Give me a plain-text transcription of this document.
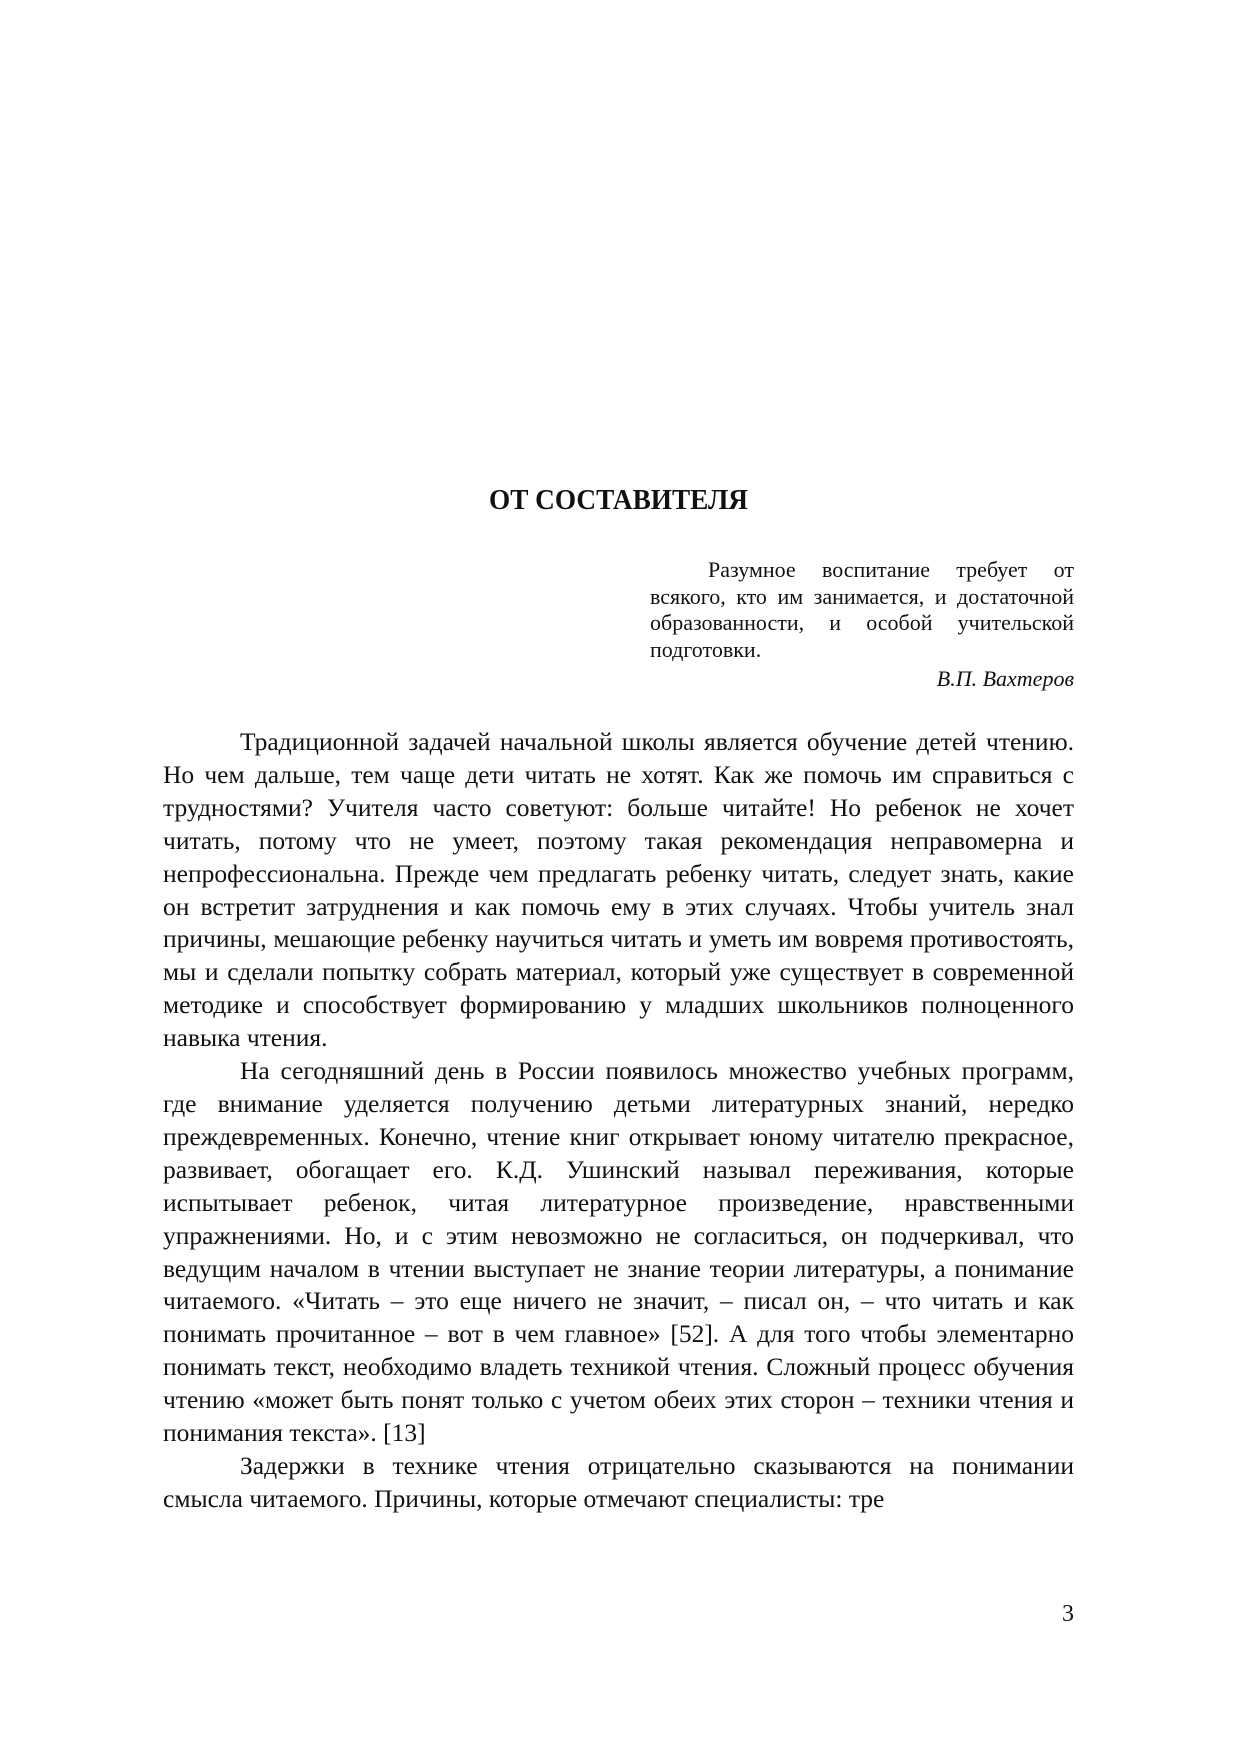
ОТ СОСТАВИТЕЛЯ

Разумное воспитание требует от всякого, кто им занимается, и достаточной образованности, и особой учительской подготовки.

В.П. Вахтеров

Традиционной задачей начальной школы является обучение детей чтению. Но чем дальше, тем чаще дети читать не хотят. Как же помочь им справиться с трудностями? Учителя часто советуют: больше читайте! Но ребенок не хочет читать, потому что не умеет, поэтому такая рекомендация неправомерна и непрофессиональна. Прежде чем предлагать ребенку читать, следует знать, какие он встретит затруднения и как помочь ему в этих случаях. Чтобы учитель знал причины, мешающие ребенку научиться читать и уметь им вовремя противостоять, мы и сделали попытку собрать материал, который уже существует в современной методике и способствует формированию у младших школьников полноценного навыка чтения.

На сегодняшний день в России появилось множество учебных программ, где внимание уделяется получению детьми литературных знаний, нередко преждевременных. Конечно, чтение книг открывает юному читателю прекрасное, развивает, обогащает его. К.Д. Ушинский называл переживания, которые испытывает ребенок, читая литературное произведение, нравственными упражнениями. Но, и с этим невозможно не согласиться, он подчеркивал, что ведущим началом в чтении выступает не знание теории литературы, а понимание читаемого. «Читать – это еще ничего не значит, – писал он, – что читать и как понимать прочитанное – вот в чем главное» [52]. А для того чтобы элементарно понимать текст, необходимо владеть техникой чтения. Сложный процесс обучения чтению «может быть понят только с учетом обеих этих сторон – техники чтения и понимания текста». [13]

Задержки в технике чтения отрицательно сказываются на понимании смысла читаемого. Причины, которые отмечают специалисты: тре

3
